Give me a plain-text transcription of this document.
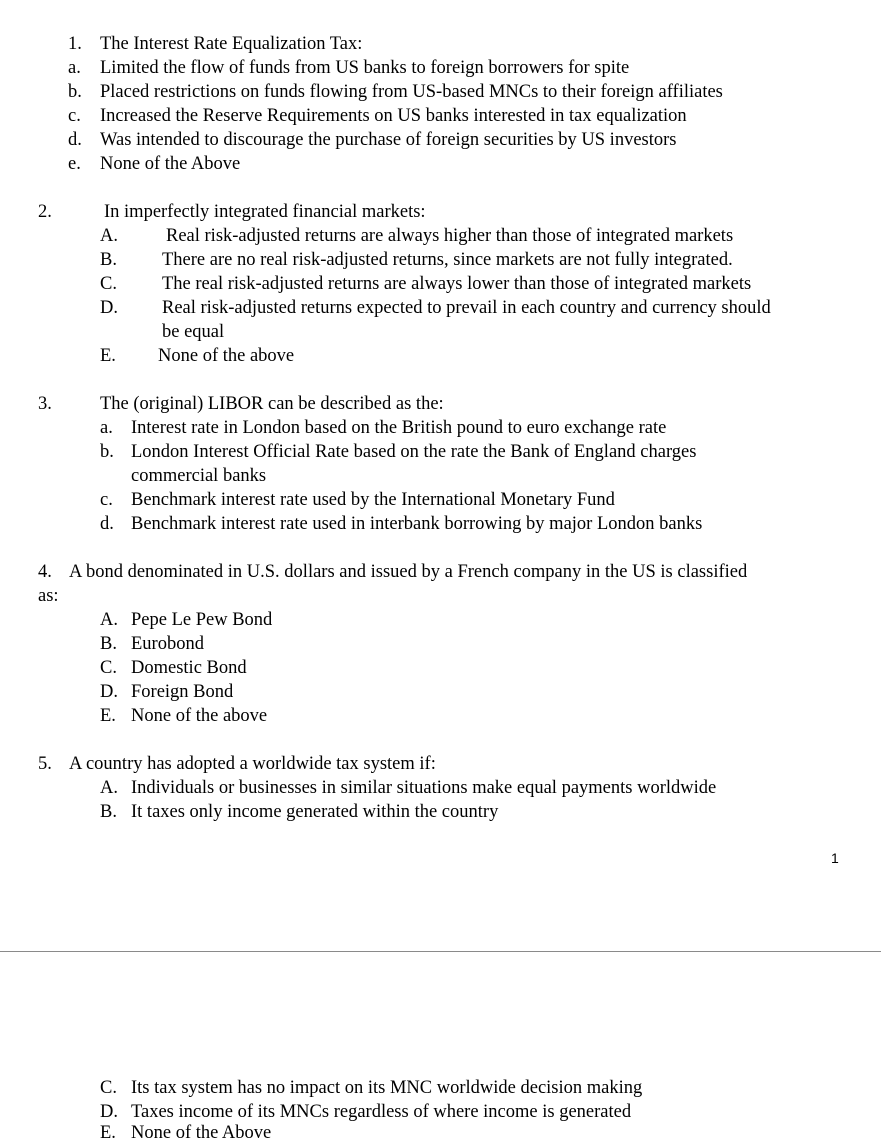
1. The Interest Rate Equalization Tax:
a. Limited the flow of funds from US banks to foreign borrowers for spite
b. Placed restrictions on funds flowing from US-based MNCs to their foreign affiliates
c. Increased the Reserve Requirements on US banks interested in tax equalization
d. Was intended to discourage the purchase of foreign securities by US investors
e. None of the Above
2.	In imperfectly integrated financial markets:
A.	Real risk-adjusted returns are always higher than those of integrated markets
B. There are no real risk-adjusted returns, since markets are not fully integrated.
C. The real risk-adjusted returns are always lower than those of integrated markets
D. Real risk-adjusted returns expected to prevail in each country and currency should
be equal
E. None of the above
3.	The (original) LIBOR can be described as the:
a. Interest rate in London based on the British pound to euro exchange rate
b. London Interest Official Rate based on the rate the Bank of England charges
commercial banks
c. Benchmark interest rate used by the International Monetary Fund
d. Benchmark interest rate used in interbank borrowing by major London banks
4. A bond denominated in U.S. dollars and issued by a French company in the US is classified
as:
A. Pepe Le Pew Bond
B. Eurobond
C. Domestic Bond
D. Foreign Bond
E. None of the above
5. A country has adopted a worldwide tax system if:
A. Individuals or businesses in similar situations make equal payments worldwide
B. It taxes only income generated within the country
1
C. Its tax system has no impact on its MNC worldwide decision making
D. Taxes income of its MNCs regardless of where income is generated
E. None of the Above
